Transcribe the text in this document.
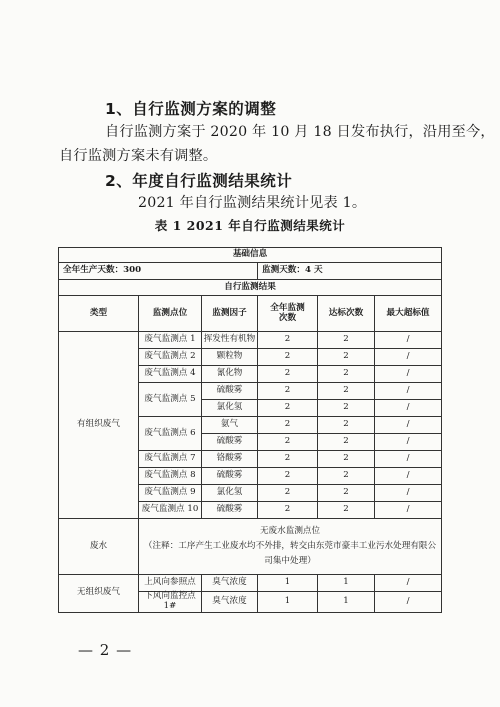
1、自行监测方案的调整
自行监测方案于 2020 年 10 月 18 日发布执行，沿用至今，
自行监测方案未有调整。
2、年度自行监测结果统计
2021 年自行监测结果统计见表 1。
表 1 2021 年自行监测结果统计
基础信息					
全年生产天数：300			监测天数：4 天		
自行监测结果					
类型	监测点位	监测因子	全年监测
次数	达标次数	最大超标值
有组织废气	废气监测点 1	挥发性有机物	2	2	/
	废气监测点 2	颗粒物	2	2	/
	废气监测点 4	氰化物	2	2	/
	废气监测点 5	硫酸雾	2	2	/
		氯化氢	2	2	/
	废气监测点 6	氨气	2	2	/
		硫酸雾	2	2	/
	废气监测点 7	铬酸雾	2	2	/
	废气监测点 8	硫酸雾	2	2	/
	废气监测点 9	氯化氢	2	2	/
	废气监测点 10	硫酸雾	2	2	/
废水	无废水监测点位
（注释：工序产生工业废水均不外排，转交由东莞市豪丰工业污水处理有限公
司集中处理）				
无组织废气	上风向参照点	臭气浓度	1	1	/
	下风向监控点 1#	臭气浓度	1	1	/
— 2 —
